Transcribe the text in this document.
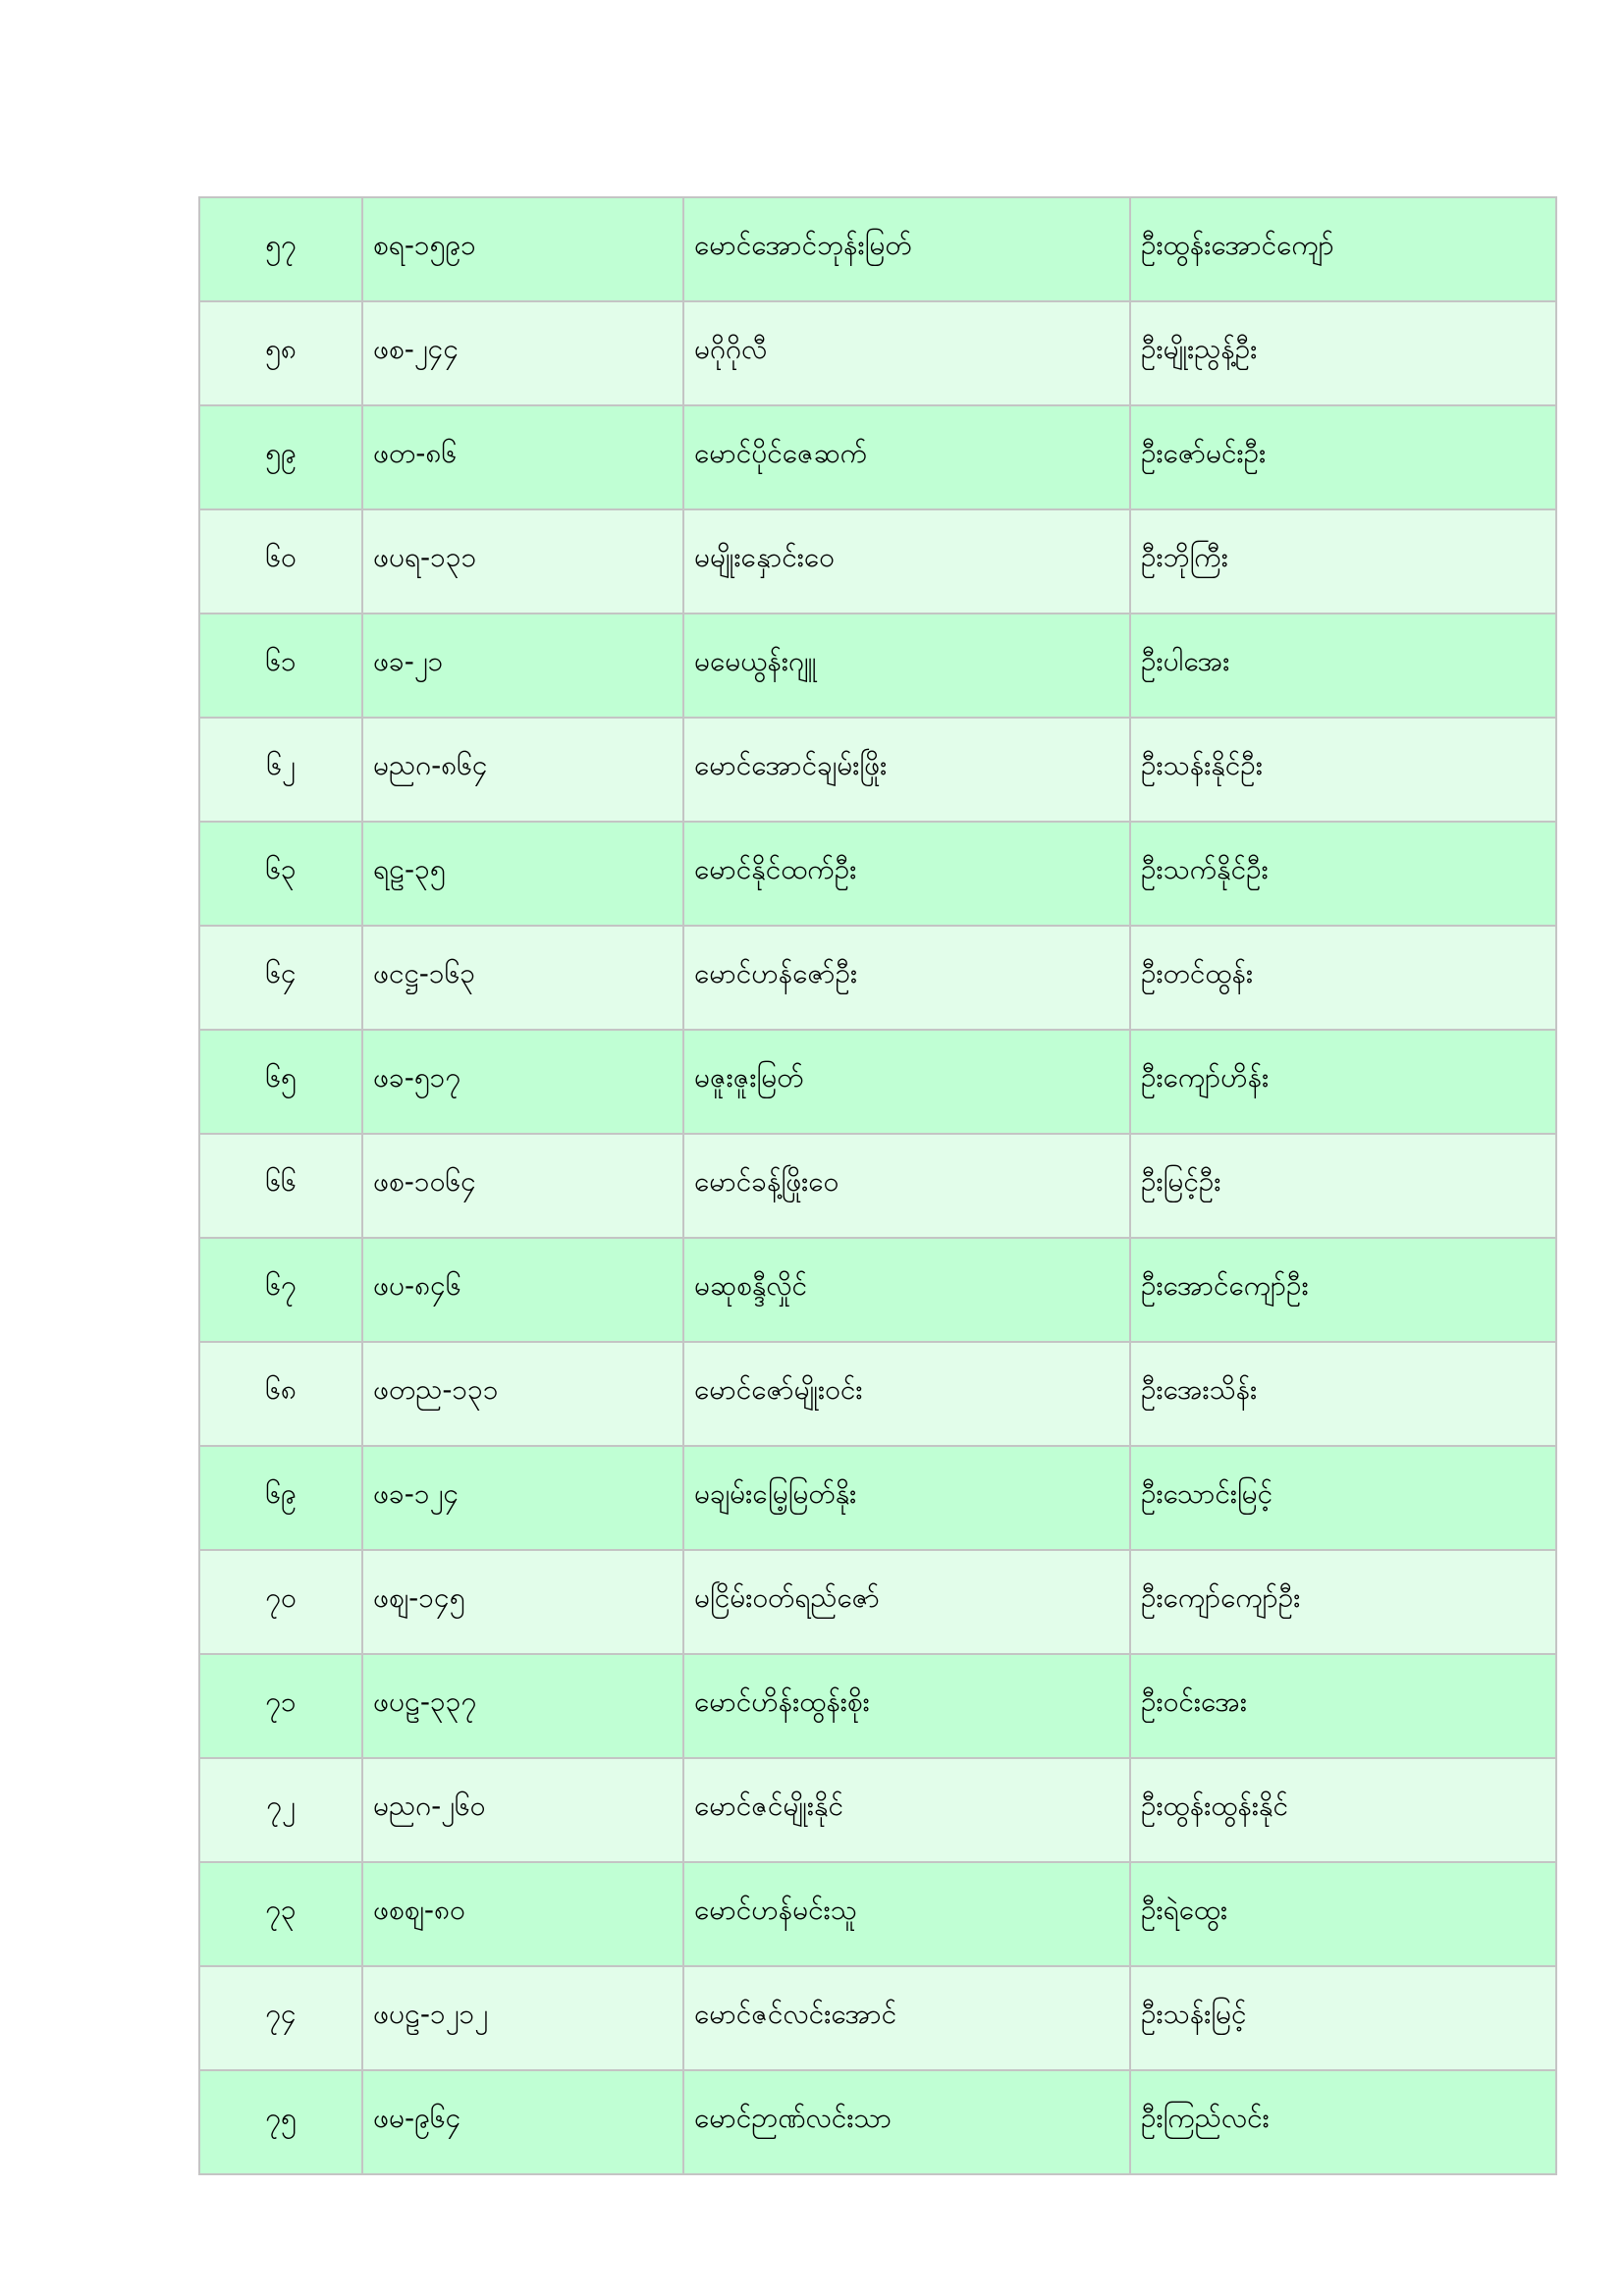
၅၇	စရ-၁၅၉၁	မောင်အောင်ဘုန်းမြတ်	ဦးထွန်းအောင်ကျော်
၅၈	ဖစ-၂၄၄	မဂိုဂိုလီ	ဦးမျိုးညွန့်ဦး
၅၉	ဖတ-၈၆	မောင်ပိုင်ဇေဆက်	ဦးဇော်မင်းဦး
၆၀	ဖပရ-၁၃၁	မမျိုးနှောင်းဝေ	ဦးဘိုကြီး
၆၁	ဖခ-၂၁	မမေယွန်းဂျူ	ဦးပါအေး
၆၂	မညဂ-၈၆၄	မောင်အောင်ချမ်းဖြိုး	ဦးသန်းနိုင်ဦး
၆၃	ရဠ-၃၅	မောင်နိုင်ထက်ဦး	ဦးသက်နိုင်ဦး
၆၄	ဖငဋ္ဌ-၁၆၃	မောင်ဟန်ဇော်ဦး	ဦးတင်ထွန်း
၆၅	ဖခ-၅၁၇	မဇူးဇူးမြတ်	ဦးကျော်ဟိန်း
၆၆	ဖစ-၁၀၆၄	မောင်ခန့်ဖြိုးဝေ	ဦးမြင့်ဦး
၆၇	ဖပ-၈၄၆	မဆုစန္ဒီလှိုင်	ဦးအောင်ကျော်ဦး
၆၈	ဖတည-၁၃၁	မောင်ဇော်မျိုးဝင်း	ဦးအေးသိန်း
၆၉	ဖခ-၁၂၄	မချမ်းမြေ့မြတ်နိုး	ဦးသောင်းမြင့်
၇၀	ဖစျ-၁၄၅	မငြိမ်းဝတ်ရည်ဇော်	ဦးကျော်ကျော်ဦး
၇၁	ဖပဠ-၃၃၇	မောင်ဟိန်းထွန်းစိုး	ဦးဝင်းအေး
၇၂	မညဂ-၂၆၀	မောင်ဇင်မျိုးနိုင်	ဦးထွန်းထွန်းနိုင်
၇၃	ဖစစျ-၈၀	မောင်ဟန်မင်းသူ	ဦးရဲထွေး
၇၄	ဖပဠ-၁၂၁၂	မောင်ဇင်လင်းအောင်	ဦးသန်းမြင့်
၇၅	ဖမ-၉၆၄	မောင်ဉာဏ်လင်းသာ	ဦးကြည်လင်း
